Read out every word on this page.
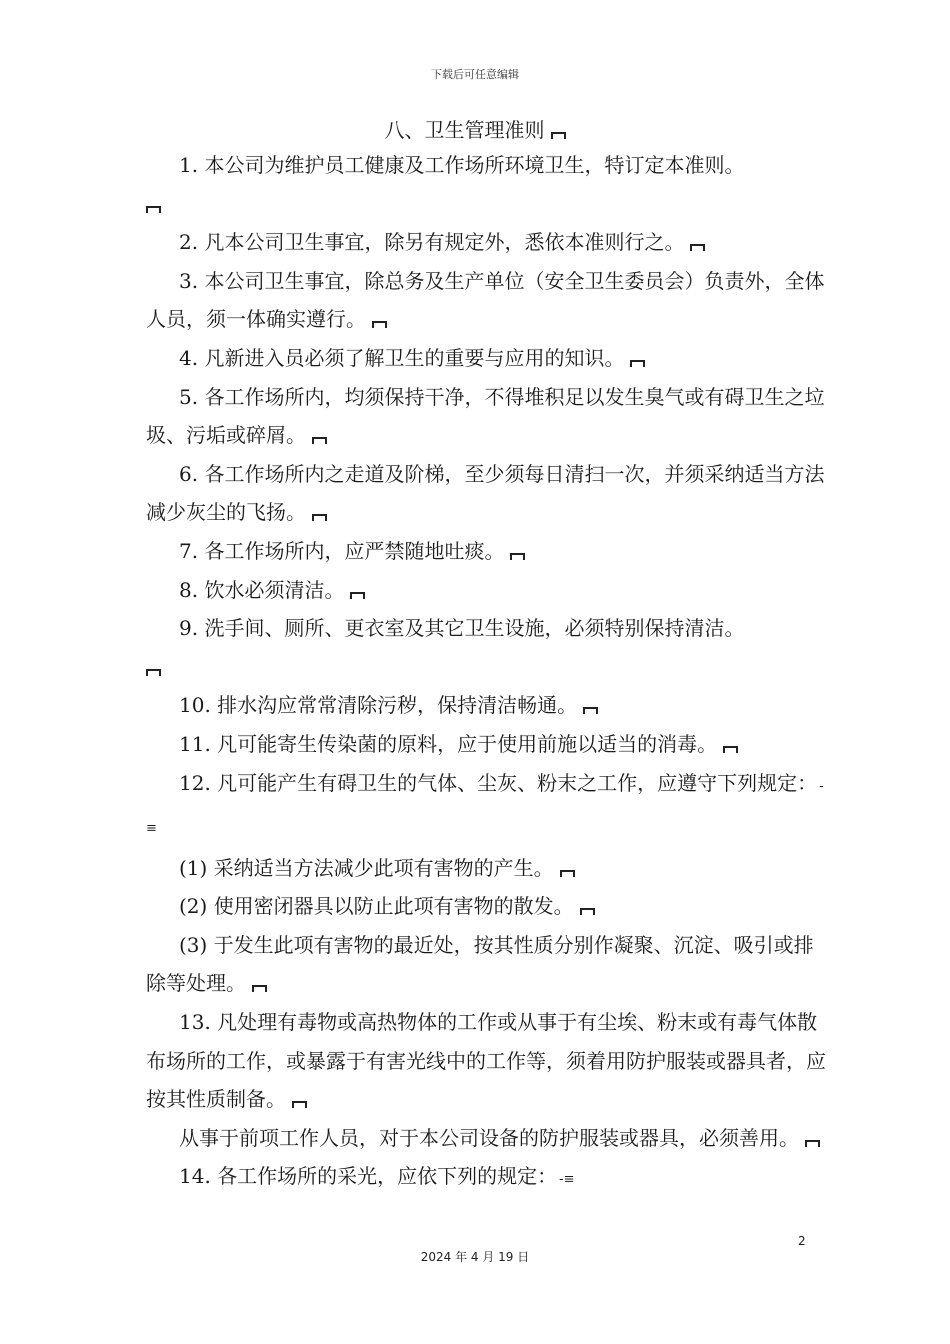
下载后可任意编辑
八、卫生管理准则

1. 本公司为维护员工健康及工作场所环境卫生，特订定本准则。

2. 凡本公司卫生事宜，除另有规定外，悉依本准则行之。

3. 本公司卫生事宜，除总务及生产单位（安全卫生委员会）负责外，全体人员，须一体确实遵行。

4. 凡新进入员必须了解卫生的重要与应用的知识。

5. 各工作场所内，均须保持干净，不得堆积足以发生臭气或有碍卫生之垃圾、污垢或碎屑。

6. 各工作场所内之走道及阶梯，至少须每日清扫一次，并须采纳适当方法减少灰尘的飞扬。

7. 各工作场所内，应严禁随地吐痰。

8. 饮水必须清洁。

9. 洗手间、厕所、更衣室及其它卫生设施，必须特别保持清洁。

10. 排水沟应常常清除污秽，保持清洁畅通。

11. 凡可能寄生传染菌的原料，应于使用前施以适当的消毒。

12. 凡可能产生有碍卫生的气体、尘灰、粉末之工作，应遵守下列规定： -≡

(1) 采纳适当方法减少此项有害物的产生。

(2) 使用密闭器具以防止此项有害物的散发。

(3) 于发生此项有害物的最近处，按其性质分别作凝聚、沉淀、吸引或排除等处理。

13. 凡处理有毒物或高热物体的工作或从事于有尘埃、粉末或有毒气体散布场所的工作，或暴露于有害光线中的工作等，须着用防护服装或器具者，应按其性质制备。

从事于前项工作人员，对于本公司设备的防护服装或器具，必须善用。

14. 各工作场所的采光，应依下列的规定： -≡

2
2024 年 4 月 19 日
